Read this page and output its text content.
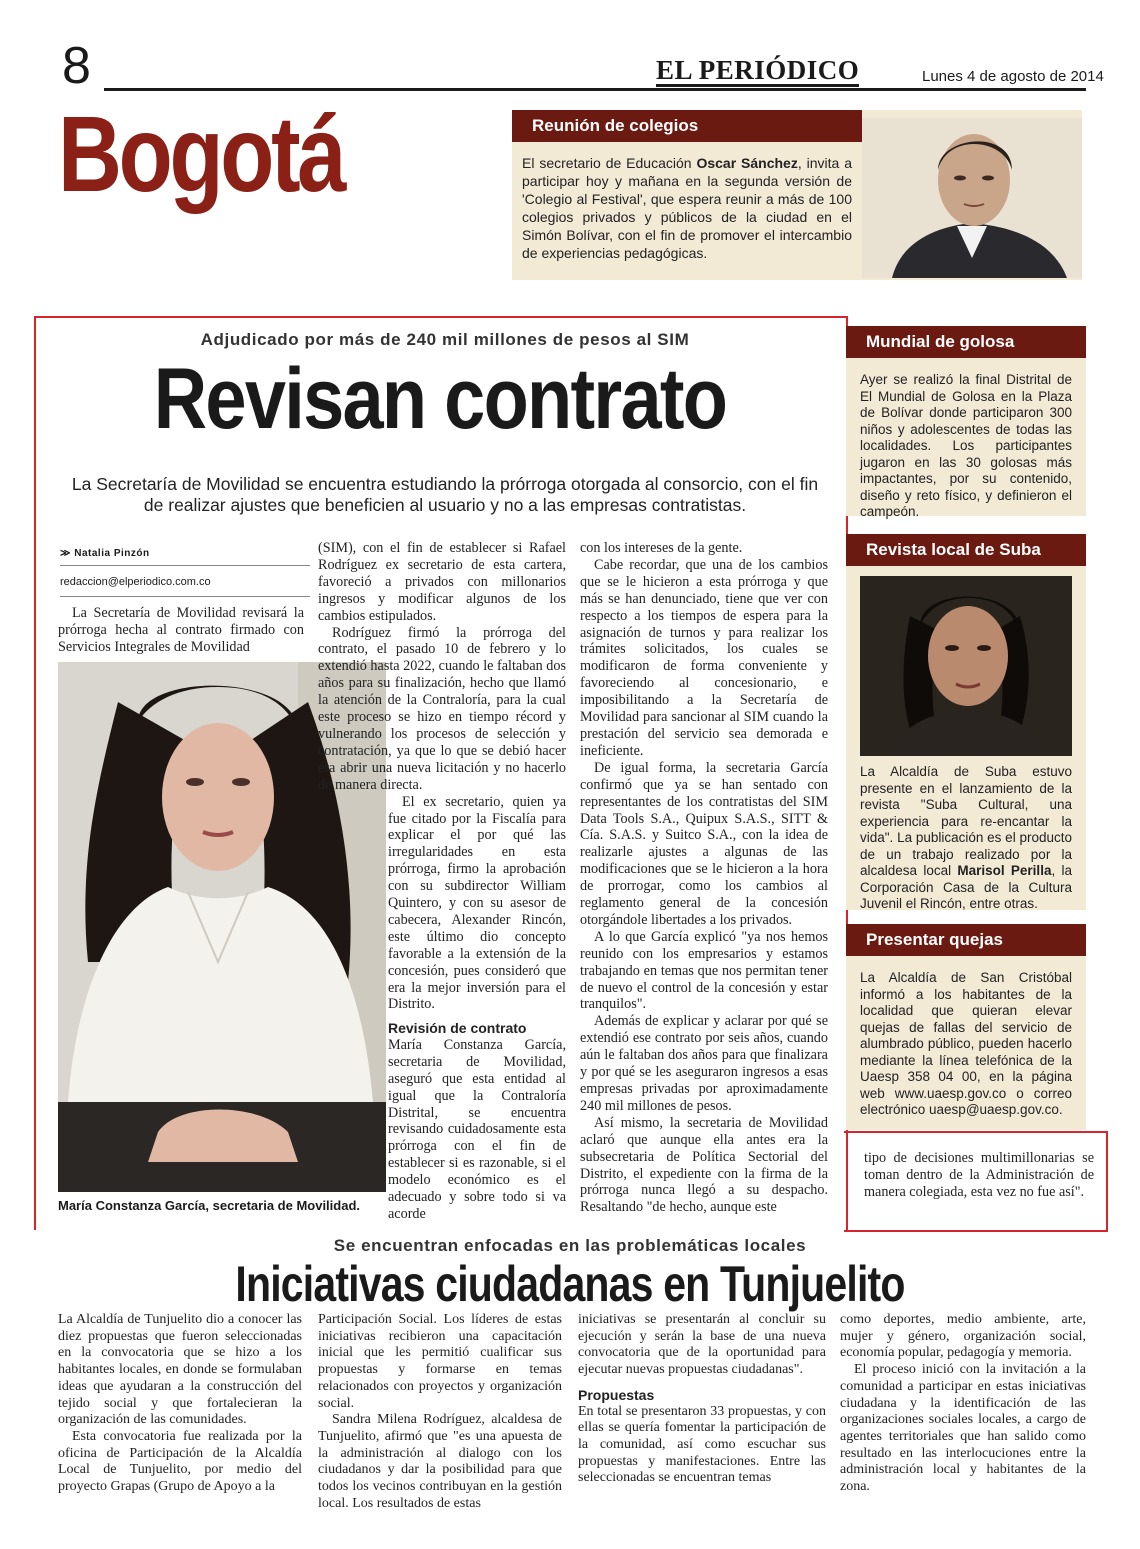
8	EL PERIÓDICO	Lunes 4 de agosto de 2014
Bogotá	Reunión de colegios
El secretario de Educación Oscar Sánchez, invita a participar hoy y mañana en la segunda versión de 'Colegio al Festival', que espera reunir a más de 100 colegios privados y públicos de la ciudad en el Simón Bolívar, con el fin de promover el intercambio de experiencias pedagógicas.
Adjudicado por más de 240 mil millones de pesos al SIM
Revisan contrato
La Secretaría de Movilidad se encuentra estudiando la prórroga otorgada al consorcio, con el fin de realizar ajustes que beneficien al usuario y no a las empresas contratistas.
≫ Natalia Pinzón
redaccion@elperiodico.com.co

La Secretaría de Movilidad revisará la prórroga hecha al contrato firmado con Servicios Integrales de Movilidad

María Constanza García, secretaria de Movilidad.

(SIM), con el fin de establecer si Rafael Rodríguez ex secretario de esta cartera, favoreció a privados con millonarios ingresos y modificar algunos de los cambios estipulados.

Rodríguez firmó la prórroga del contrato, el pasado 10 de febrero y lo extendió hasta 2022, cuando le faltaban dos años para su finalización, hecho que llamó la atención de la Contraloría, para la cual este proceso se hizo en tiempo récord y vulnerando los procesos de selección y contratación, ya que lo que se debió hacer era abrir una nueva licitación y no hacerlo de manera directa.

El ex secretario, quien ya fue citado por la Fiscalía para explicar el por qué las irregularidades en esta prórroga, firmo la aprobación con su subdirector William Quintero, y con su asesor de cabecera, Alexander Rincón, este último dio concepto favorable a la extensión de la concesión, pues consideró que era la mejor inversión para el Distrito.

Revisión de contrato

María Constanza García, secretaria de Movilidad, aseguró que esta entidad al igual que la Contraloría Distrital, se encuentra revisando cuidadosamente esta prórroga con el fin de establecer si es razonable, si el modelo económico es el adecuado y sobre todo si va acorde

con los intereses de la gente.

Cabe recordar, que una de los cambios que se le hicieron a esta prórroga y que más se han denunciado, tiene que ver con respecto a los tiempos de espera para la asignación de turnos y para realizar los trámites solicitados, los cuales se modificaron de forma conveniente y favoreciendo al concesionario, e imposibilitando a la Secretaría de Movilidad para sancionar al SIM cuando la prestación del servicio sea demorada e ineficiente.

De igual forma, la secretaria García confirmó que ya se han sentado con representantes de los contratistas del SIM Data Tools S.A., Quipux S.A.S., SITT & Cía. S.A.S. y Suitco S.A., con la idea de realizarle ajustes a algunas de las modificaciones que se le hicieron a la hora de prorrogar, como los cambios al reglamento general de la concesión otorgándole libertades a los privados.

A lo que García explicó "ya nos hemos reunido con los empresarios y estamos trabajando en temas que nos permitan tener de nuevo el control de la concesión y estar tranquilos".

Además de explicar y aclarar por qué se extendió ese contrato por seis años, cuando aún le faltaban dos años para que finalizara y por qué se les aseguraron ingresos a esas empresas privadas por aproximadamente 240 mil millones de pesos.

Así mismo, la secretaria de Movilidad aclaró que aunque ella antes era la subsecretaria de Política Sectorial del Distrito, el expediente con la firma de la prórroga nunca llegó a su despacho. Resaltando "de hecho, aunque este

tipo de decisiones multimillonarias se toman dentro de la Administración de manera colegiada, esta vez no fue así".

Mundial de golosa
Ayer se realizó la final Distrital de El Mundial de Golosa en la Plaza de Bolívar donde participaron 300 niños y adolescentes de todas las localidades. Los participantes jugaron en las 30 golosas más impactantes, por su contenido, diseño y reto físico, y definieron el campeón.
Revista local de Suba
La Alcaldía de Suba estuvo presente en el lanzamiento de la revista "Suba Cultural, una experiencia para re-encantar la vida". La publicación es el producto de un trabajo realizado por la alcaldesa local Marisol Perilla, la Corporación Casa de la Cultura Juvenil el Rincón, entre otras.
Presentar quejas
La Alcaldía de San Cristóbal informó a los habitantes de la localidad que quieran elevar quejas de fallas del servicio de alumbrado público, pueden hacerlo mediante la línea telefónica de la Uaesp 358 04 00, en la página web www.uaesp.gov.co o correo electrónico uaesp@uaesp.gov.co.
Se encuentran enfocadas en las problemáticas locales
Iniciativas ciudadanas en Tunjuelito

La Alcaldía de Tunjuelito dio a conocer las diez propuestas que fueron seleccionadas en la convocatoria que se hizo a los habitantes locales, en donde se formulaban ideas que ayudaran a la construcción del tejido social y que fortalecieran la organización de las comunidades.

Esta convocatoria fue realizada por la oficina de Participación de la Alcaldía Local de Tunjuelito, por medio del proyecto Grapas (Grupo de Apoyo a la

Participación Social. Los líderes de estas iniciativas recibieron una capacitación inicial que les permitió cualificar sus propuestas y formarse en temas relacionados con proyectos y organización social.

Sandra Milena Rodríguez, alcaldesa de Tunjuelito, afirmó que "es una apuesta de la administración al dialogo con los ciudadanos y dar la posibilidad para que todos los vecinos contribuyan en la gestión local. Los resultados de estas

iniciativas se presentarán al concluir su ejecución y serán la base de una nueva convocatoria que de la oportunidad para ejecutar nuevas propuestas ciudadanas".

Propuestas

En total se presentaron 33 propuestas, y con ellas se quería fomentar la participación de la comunidad, así como escuchar sus propuestas y manifestaciones. Entre las seleccionadas se encuentran temas

como deportes, medio ambiente, arte, mujer y género, organización social, economía popular, pedagogía y memoria.

El proceso inició con la invitación a la comunidad a participar en estas iniciativas ciudadana y la identificación de las organizaciones sociales locales, a cargo de agentes territoriales que han salido como resultado en las interlocuciones entre la administración local y habitantes de la zona.
